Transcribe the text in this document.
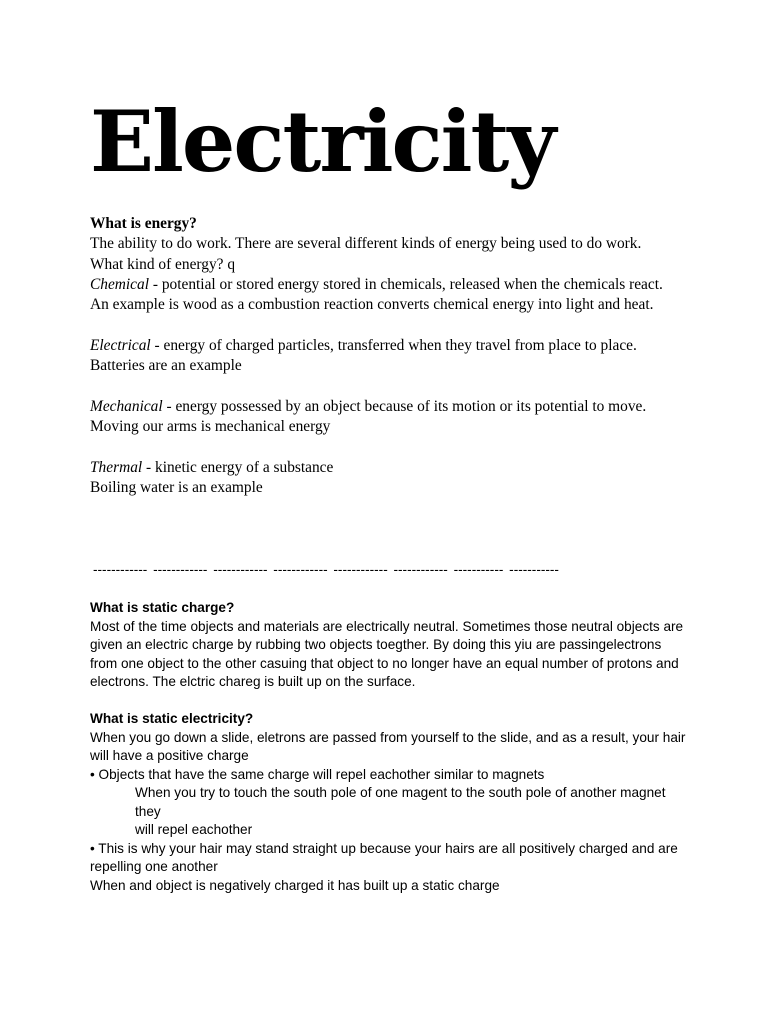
Electricity

What is energy?

The ability to do work. There are several different kinds of energy being used to do work.

What kind of energy? q

Chemical - potential or stored energy stored in chemicals, released when the chemicals react.

An example is wood as a combustion reaction converts chemical energy into light and heat.

Electrical - energy of charged particles, transferred when they travel from place to place.

Batteries are an example

Mechanical - energy possessed by an object because of its motion or its potential to move.

Moving our arms is mechanical energy

Thermal - kinetic energy of a substance

Boiling water is an example

------------ ------------ ------------ ------------ ------------ ------------ ----------- -----------

What is static charge?

Most of the time objects and materials are electrically neutral. Sometimes those neutral objects are given an electric charge by rubbing two objects toegther. By doing this yiu are passingelectrons from one object to the other casuing that object to no longer have an equal number of protons and electrons. The elctric chareg is built up on the surface.

What is static electricity?

When you go down a slide, eletrons are passed from yourself to the slide, and as a result, your hair will have a positive charge

• Objects that have the same charge will repel eachother similar to magnets

When you try to touch the south pole of one magent to the south pole of another magnet they

will repel eachother

• This is why your hair may stand straight up because your hairs are all positively charged and are repelling one another

When and object is negatively charged it has built up a static charge
